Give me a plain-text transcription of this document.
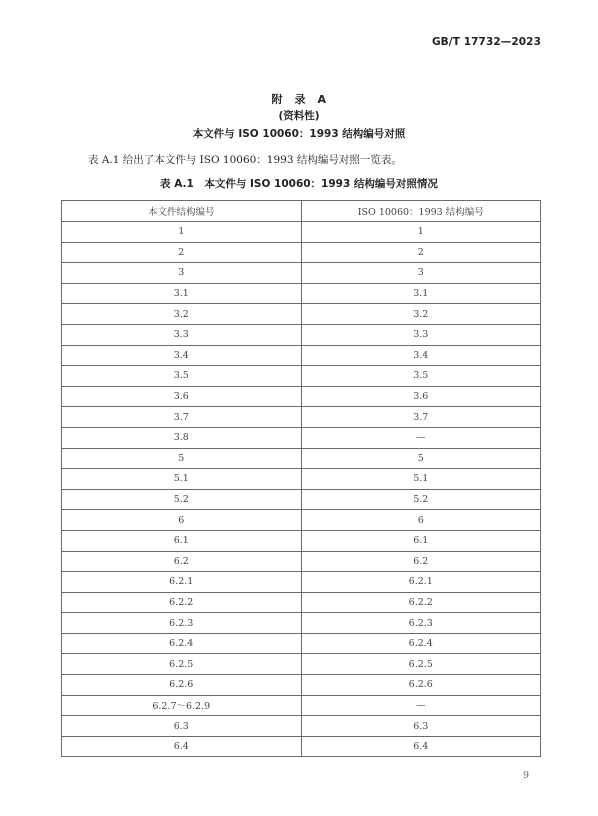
GB/T 17732—2023
附　录　A
(资料性)
本文件与 ISO 10060：1993 结构编号对照
表 A.1 给出了本文件与 ISO 10060：1993 结构编号对照一览表。
表 A.1　本文件与 ISO 10060：1993 结构编号对照情况
本文件结构编号	ISO 10060：1993 结构编号
1	1
2	2
3	3
3.1	3.1
3.2	3.2
3.3	3.3
3.4	3.4
3.5	3.5
3.6	3.6
3.7	3.7
3.8	—
5	5
5.1	5.1
5.2	5.2
6	6
6.1	6.1
6.2	6.2
6.2.1	6.2.1
6.2.2	6.2.2
6.2.3	6.2.3
6.2.4	6.2.4
6.2.5	6.2.5
6.2.6	6.2.6
6.2.7～6.2.9	—
6.3	6.3
6.4	6.4
9
